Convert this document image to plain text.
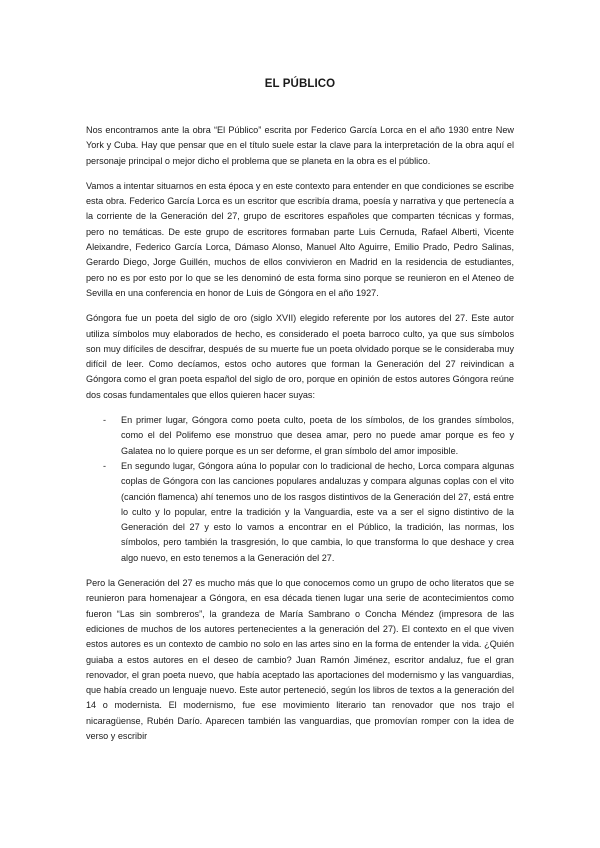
EL PÚBLICO

Nos encontramos ante la obra “El Público” escrita por Federico García Lorca en el año 1930 entre New York y Cuba. Hay que pensar que en el título suele estar la clave para la interpretación de la obra aquí el personaje principal o mejor dicho el problema que se planeta en la obra es el público.

Vamos a intentar situarnos en esta época y en este contexto para entender en que condiciones se escribe esta obra. Federico García Lorca es un escritor que escribía drama, poesía y narrativa y que pertenecía a la corriente de la Generación del 27, grupo de escritores españoles que comparten técnicas y formas, pero no temáticas. De este grupo de escritores formaban parte Luis Cernuda, Rafael Alberti, Vicente Aleixandre, Federico García Lorca, Dámaso Alonso, Manuel Alto Aguirre, Emilio Prado, Pedro Salinas, Gerardo Diego, Jorge Guillén, muchos de ellos convivieron en Madrid en la residencia de estudiantes, pero no es por esto por lo que se les denominó de esta forma sino porque se reunieron en el Ateneo de Sevilla en una conferencia en honor de Luis de Góngora en el año 1927.

Góngora fue un poeta del siglo de oro (siglo XVII) elegido referente por los autores del 27. Este autor utiliza símbolos muy elaborados de hecho, es considerado el poeta barroco culto, ya que sus símbolos son muy difíciles de descifrar, después de su muerte fue un poeta olvidado porque se le consideraba muy difícil de leer. Como decíamos, estos ocho autores que forman la Generación del 27 reivindican a Góngora como el gran poeta español del siglo de oro, porque en opinión de estos autores Góngora reúne dos cosas fundamentales que ellos quieren hacer suyas:

- En primer lugar, Góngora como poeta culto, poeta de los símbolos, de los grandes símbolos, como el del Polifemo ese monstruo que desea amar, pero no puede amar porque es feo y Galatea no lo quiere porque es un ser deforme, el gran símbolo del amor imposible.
- En segundo lugar, Góngora aúna lo popular con lo tradicional de hecho, Lorca compara algunas coplas de Góngora con las canciones populares andaluzas y compara algunas coplas con el vito (canción flamenca) ahí tenemos uno de los rasgos distintivos de la Generación del 27, está entre lo culto y lo popular, entre la tradición y la Vanguardia, este va a ser el signo distintivo de la Generación del 27 y esto lo vamos a encontrar en el Público, la tradición, las normas, los símbolos, pero también la trasgresión, lo que cambia, lo que transforma lo que deshace y crea algo nuevo, en esto tenemos a la Generación del 27.

Pero la Generación del 27 es mucho más que lo que conocemos como un grupo de ocho literatos que se reunieron para homenajear a Góngora, en esa década tienen lugar una serie de acontecimientos como fueron “Las sin sombreros”, la grandeza de María Sambrano o Concha Méndez (impresora de las ediciones de muchos de los autores pertenecientes a la generación del 27). El contexto en el que viven estos autores es un contexto de cambio no solo en las artes sino en la forma de entender la vida. ¿Quién guiaba a estos autores en el deseo de cambio? Juan Ramón Jiménez, escritor andaluz, fue el gran renovador, el gran poeta nuevo, que había aceptado las aportaciones del modernismo y las vanguardias, que había creado un lenguaje nuevo. Este autor perteneció, según los libros de textos a la generación del 14 o modernista. El modernismo, fue ese movimiento literario tan renovador que nos trajo el nicaragüense, Rubén Darío. Aparecen también las vanguardias, que promovían romper con la idea de verso y escribir
